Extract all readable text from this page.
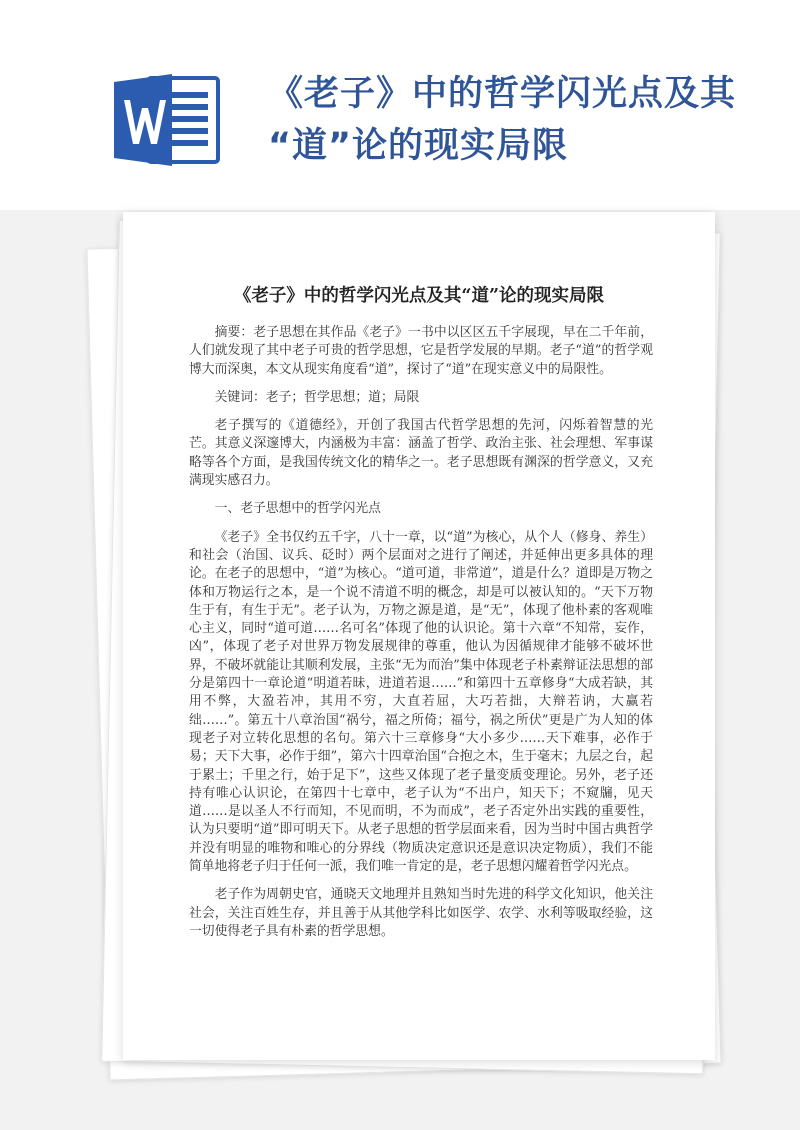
《老子》中的哲学闪光点及其
“道”论的现实局限
《老子》中的哲学闪光点及其“道”论的现实局限

摘要：老子思想在其作品《老子》一书中以区区五千字展现，早在二千年前，人们就发现了其中老子可贵的哲学思想，它是哲学发展的早期。老子“道”的哲学观博大而深奥，本文从现实角度看“道”，探讨了“道”在现实意义中的局限性。

关键词：老子；哲学思想；道；局限

老子撰写的《道德经》，开创了我国古代哲学思想的先河，闪烁着智慧的光芒。其意义深邃博大，内涵极为丰富：涵盖了哲学、政治主张、社会理想、军事谋略等各个方面，是我国传统文化的精华之一。老子思想既有渊深的哲学意义，又充满现实感召力。

一、老子思想中的哲学闪光点

《老子》全书仅约五千字，八十一章，以“道”为核心，从个人（修身、养生）和社会（治国、议兵、砭时）两个层面对之进行了阐述，并延伸出更多具体的理论。在老子的思想中，“道”为核心。“道可道，非常道”，道是什么？道即是万物之体和万物运行之本，是一个说不清道不明的概念，却是可以被认知的。“天下万物生于有，有生于无”。老子认为，万物之源是道，是“无”，体现了他朴素的客观唯心主义，同时“道可道……名可名”体现了他的认识论。第十六章“不知常，妄作，凶”，体现了老子对世界万物发展规律的尊重，他认为因循规律才能够不破坏世界，不破坏就能让其顺利发展，主张“无为而治”集中体现老子朴素辩证法思想的部分是第四十一章论道“明道若昧，进道若退……”和第四十五章修身“大成若缺，其用不弊，大盈若冲，其用不穷，大直若屈，大巧若拙，大辩若讷，大赢若绌……”。第五十八章治国“祸兮，福之所倚；福兮，祸之所伏”更是广为人知的体现老子对立转化思想的名句。第六十三章修身“大小多少……天下难事，必作于易；天下大事，必作于细”，第六十四章治国“合抱之木，生于毫末；九层之台，起于累土；千里之行，始于足下”，这些又体现了老子量变质变理论。另外，老子还持有唯心认识论，在第四十七章中，老子认为“不出户，知天下；不窥牖，见天道……是以圣人不行而知，不见而明，不为而成”，老子否定外出实践的重要性，认为只要明“道”即可明天下。从老子思想的哲学层面来看，因为当时中国古典哲学并没有明显的唯物和唯心的分界线（物质决定意识还是意识决定物质），我们不能简单地将老子归于任何一派，我们唯一肯定的是，老子思想闪耀着哲学闪光点。

老子作为周朝史官，通晓天文地理并且熟知当时先进的科学文化知识，他关注社会，关注百姓生存，并且善于从其他学科比如医学、农学、水利等吸取经验，这一切使得老子具有朴素的哲学思想。
